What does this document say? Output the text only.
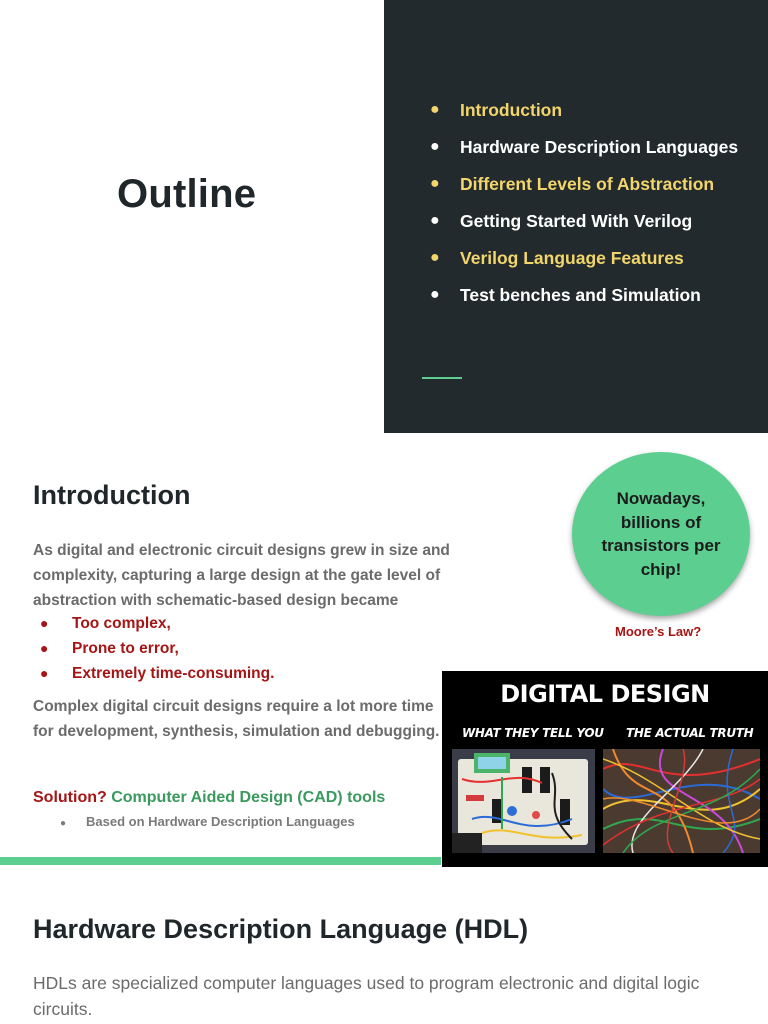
Outline
● Introduction
● Hardware Description Languages
● Different Levels of Abstraction
● Getting Started With Verilog
● Verilog Language Features
● Test benches and Simulation
Introduction

As digital and electronic circuit designs grew in size and complexity, capturing a large design at the gate level of abstraction with schematic-based design became

● Too complex,
● Prone to error,
● Extremely time-consuming.

Complex digital circuit designs require a lot more time for development, synthesis, simulation and debugging.

Solution? Computer Aided Design (CAD) tools

● Based on Hardware Description Languages

Nowadays, billions of transistors per chip!
Moore’s Law?
DIGITAL DESIGN
WHAT THEY TELL YOU THE ACTUAL TRUTH
Hardware Description Language (HDL)

HDLs are specialized computer languages used to program electronic and digital logic circuits.
